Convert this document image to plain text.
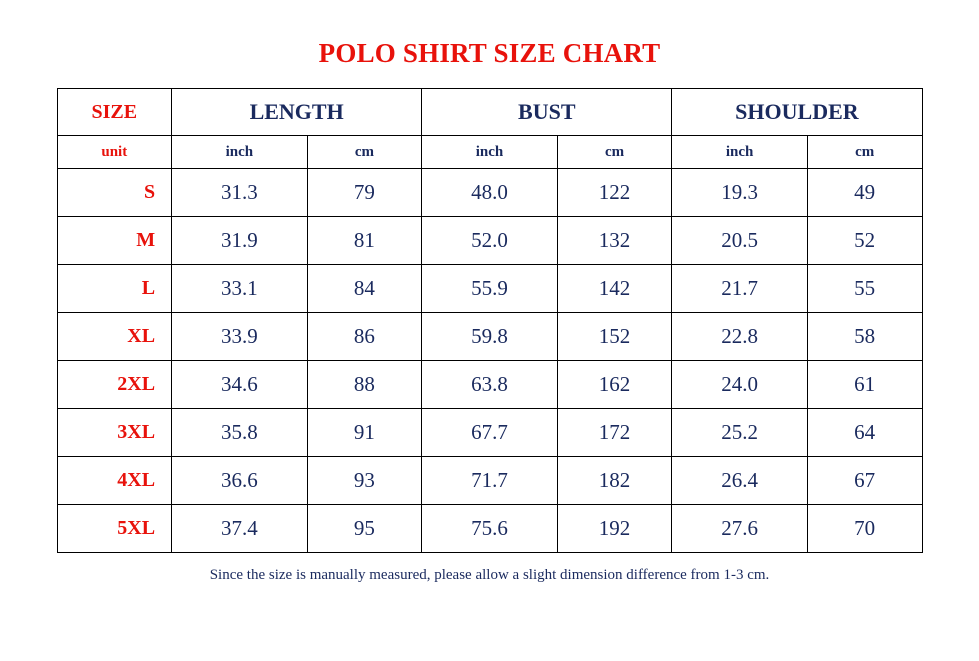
POLO SHIRT SIZE CHART
SIZE	LENGTH		BUST		SHOULDER	
unit	inch	cm	inch	cm	inch	cm
S	31.3	79	48.0	122	19.3	49
M	31.9	81	52.0	132	20.5	52
L	33.1	84	55.9	142	21.7	55
XL	33.9	86	59.8	152	22.8	58
2XL	34.6	88	63.8	162	24.0	61
3XL	35.8	91	67.7	172	25.2	64
4XL	36.6	93	71.7	182	26.4	67
5XL	37.4	95	75.6	192	27.6	70
Since the size is manually measured, please allow a slight dimension difference from 1-3 cm.
